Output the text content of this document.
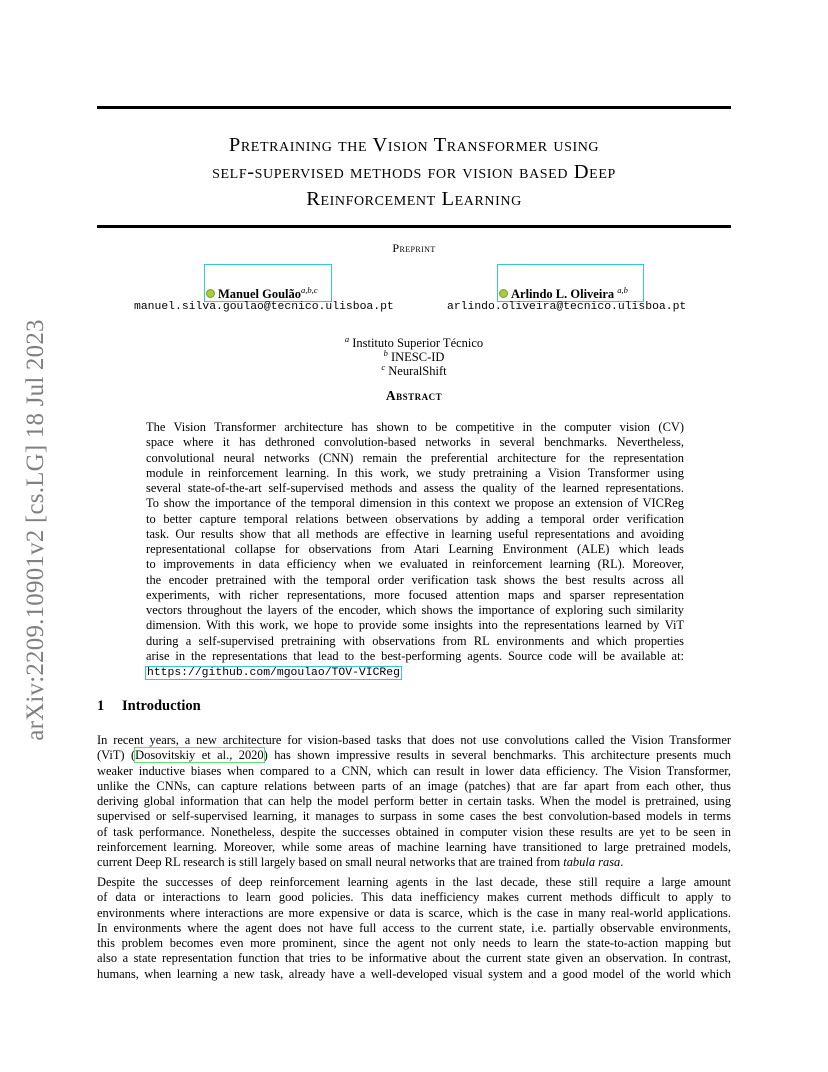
arXiv:2209.10901v2 [cs.LG] 18 Jul 2023
Pretraining the Vision Transformer using
self-supervised methods for vision based Deep
Reinforcement Learning
Preprint
Manuel Goulão$^{a,b,c}$
manuel.silva.goulao@tecnico.ulisboa.pt
Arlindo L. Oliveira $^{a,b}$
arlindo.oliveira@tecnico.ulisboa.pt
$^a$ Instituto Superior Técnico
$^b$ INESC-ID
$^c$ NeuralShift
Abstract
The Vision Transformer architecture has shown to be competitive in the computer vision (CV)
space where it has dethroned convolution-based networks in several benchmarks. Nevertheless,
convolutional neural networks (CNN) remain the preferential architecture for the representation
module in reinforcement learning. In this work, we study pretraining a Vision Transformer using
several state-of-the-art self-supervised methods and assess the quality of the learned representations.
To show the importance of the temporal dimension in this context we propose an extension of VICReg
to better capture temporal relations between observations by adding a temporal order verification
task. Our results show that all methods are effective in learning useful representations and avoiding
representational collapse for observations from Atari Learning Environment (ALE) which leads
to improvements in data efficiency when we evaluated in reinforcement learning (RL). Moreover,
the encoder pretrained with the temporal order verification task shows the best results across all
experiments, with richer representations, more focused attention maps and sparser representation
vectors throughout the layers of the encoder, which shows the importance of exploring such similarity
dimension. With this work, we hope to provide some insights into the representations learned by ViT
during a self-supervised pretraining with observations from RL environments and which properties
arise in the representations that lead to the best-performing agents. Source code will be available at:
https://github.com/mgoulao/TOV-VICReg
1 Introduction
In recent years, a new architecture for vision-based tasks that does not use convolutions called the Vision Transformer
(ViT) (Dosovitskiy et al., 2020) has shown impressive results in several benchmarks. This architecture presents much
weaker inductive biases when compared to a CNN, which can result in lower data efficiency. The Vision Transformer,
unlike the CNNs, can capture relations between parts of an image (patches) that are far apart from each other, thus
deriving global information that can help the model perform better in certain tasks. When the model is pretrained, using
supervised or self-supervised learning, it manages to surpass in some cases the best convolution-based models in terms
of task performance. Nonetheless, despite the successes obtained in computer vision these results are yet to be seen in
reinforcement learning. Moreover, while some areas of machine learning have transitioned to large pretrained models,
current Deep RL research is still largely based on small neural networks that are trained from tabula rasa.
Despite the successes of deep reinforcement learning agents in the last decade, these still require a large amount
of data or interactions to learn good policies. This data inefficiency makes current methods difficult to apply to
environments where interactions are more expensive or data is scarce, which is the case in many real-world applications.
In environments where the agent does not have full access to the current state, i.e. partially observable environments,
this problem becomes even more prominent, since the agent not only needs to learn the state-to-action mapping but
also a state representation function that tries to be informative about the current state given an observation. In contrast,
humans, when learning a new task, already have a well-developed visual system and a good model of the world which
